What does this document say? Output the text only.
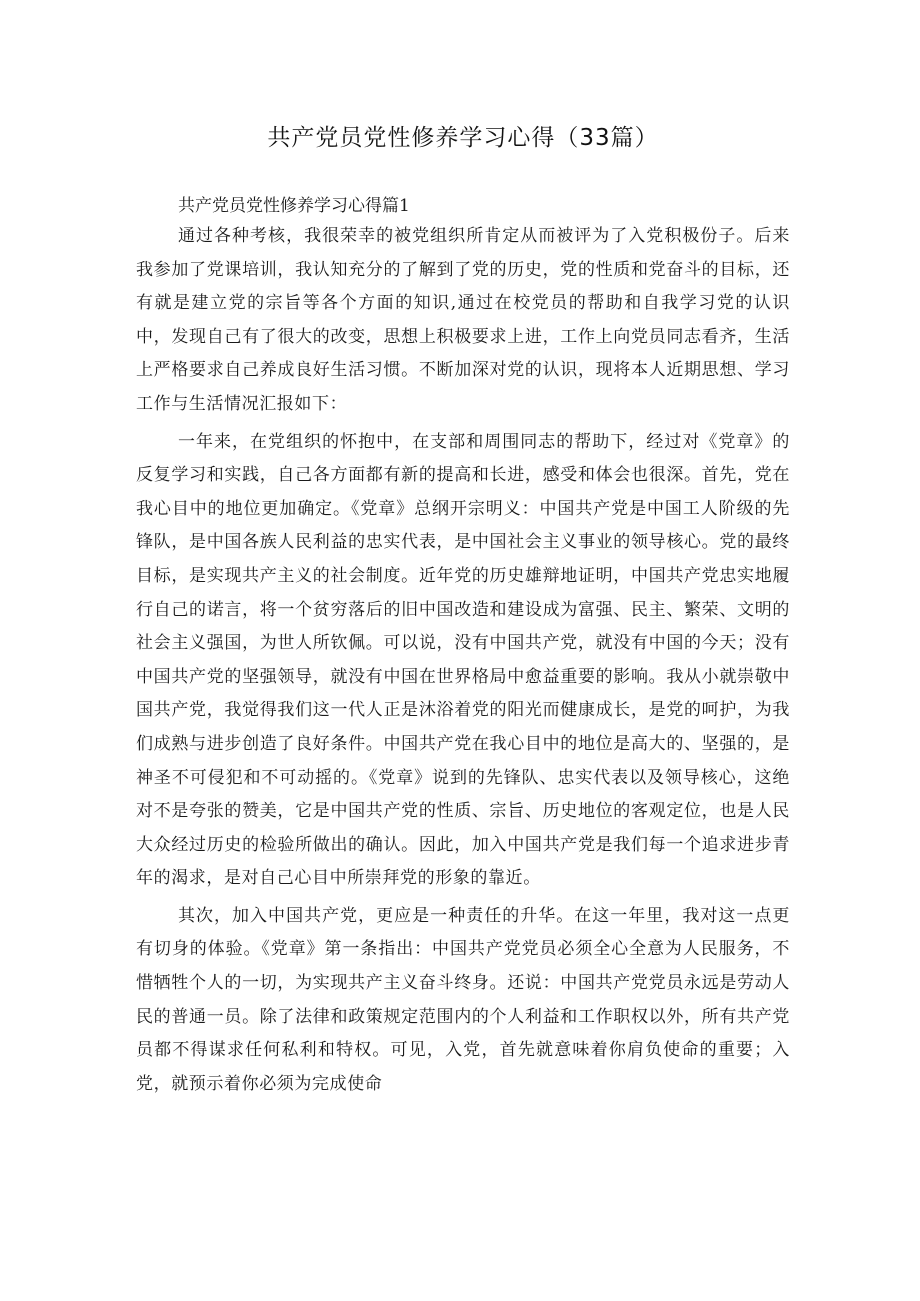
共产党员党性修养学习心得（33篇）
共产党员党性修养学习心得篇1

通过各种考核，我很荣幸的被党组织所肯定从而被评为了入党积极份子。后来我参加了党课培训，我认知充分的了解到了党的历史，党的性质和党奋斗的目标，还有就是建立党的宗旨等各个方面的知识,通过在校党员的帮助和自我学习党的认识中，发现自己有了很大的改变，思想上积极要求上进，工作上向党员同志看齐，生活上严格要求自己养成良好生活习惯。不断加深对党的认识，现将本人近期思想、学习工作与生活情况汇报如下：

一年来，在党组织的怀抱中，在支部和周围同志的帮助下，经过对《党章》的反复学习和实践，自己各方面都有新的提高和长进，感受和体会也很深。首先，党在我心目中的地位更加确定。《党章》总纲开宗明义：中国共产党是中国工人阶级的先锋队，是中国各族人民利益的忠实代表，是中国社会主义事业的领导核心。党的最终目标，是实现共产主义的社会制度。近年党的历史雄辩地证明，中国共产党忠实地履行自己的诺言，将一个贫穷落后的旧中国改造和建设成为富强、民主、繁荣、文明的社会主义强国，为世人所钦佩。可以说，没有中国共产党，就没有中国的今天；没有中国共产党的坚强领导，就没有中国在世界格局中愈益重要的影响。我从小就崇敬中国共产党，我觉得我们这一代人正是沐浴着党的阳光而健康成长，是党的呵护，为我们成熟与进步创造了良好条件。中国共产党在我心目中的地位是高大的、坚强的，是神圣不可侵犯和不可动摇的。《党章》说到的先锋队、忠实代表以及领导核心，这绝对不是夸张的赞美，它是中国共产党的性质、宗旨、历史地位的客观定位，也是人民大众经过历史的检验所做出的确认。因此，加入中国共产党是我们每一个追求进步青年的渴求，是对自己心目中所崇拜党的形象的靠近。

其次，加入中国共产党，更应是一种责任的升华。在这一年里，我对这一点更有切身的体验。《党章》第一条指出：中国共产党党员必须全心全意为人民服务，不惜牺牲个人的一切，为实现共产主义奋斗终身。还说：中国共产党党员永远是劳动人民的普通一员。除了法律和政策规定范围内的个人利益和工作职权以外，所有共产党员都不得谋求任何私利和特权。可见，入党，首先就意味着你肩负使命的重要；入党，就预示着你必须为完成使命
